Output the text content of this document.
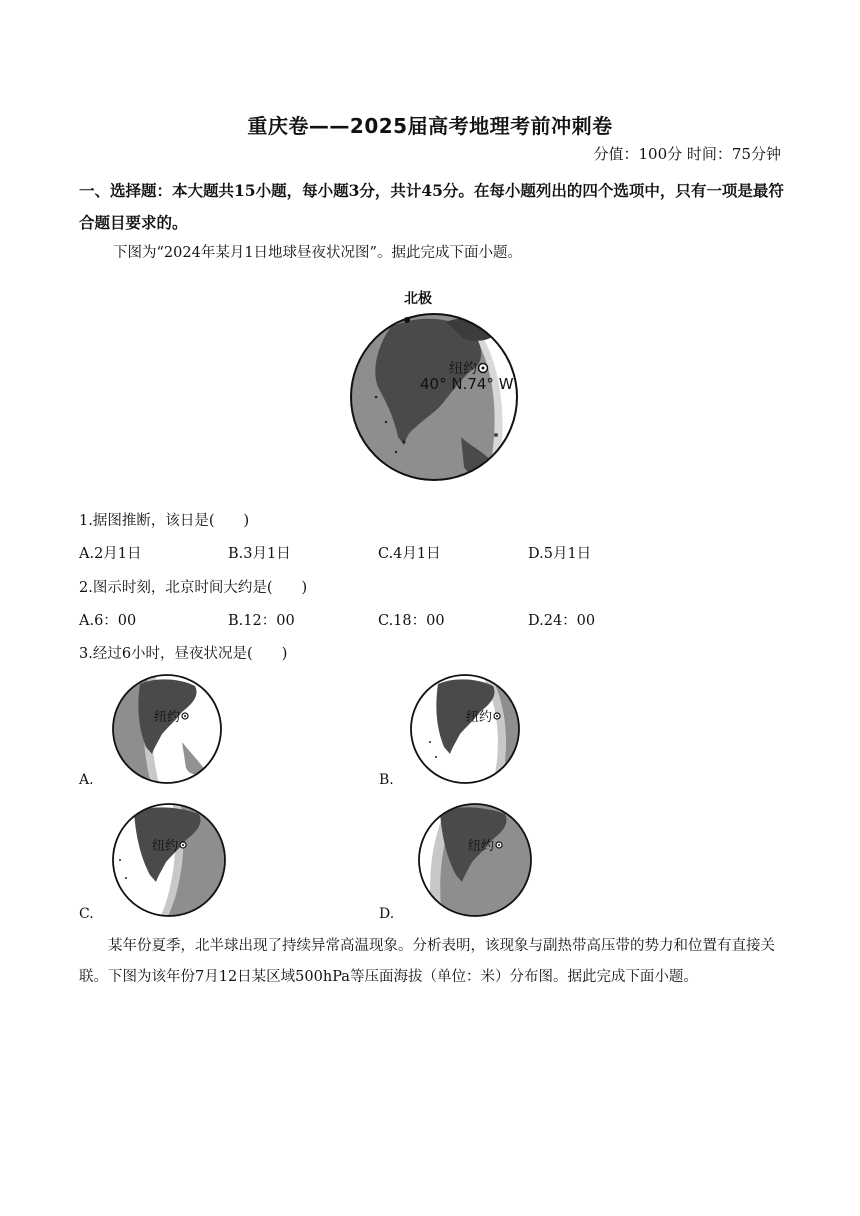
重庆卷——2025届高考地理考前冲刺卷
分值：100分 时间：75分钟
一、选择题：本大题共15小题，每小题3分，共计45分。在每小题列出的四个选项中，只有一项是最符合题目要求的。
下图为“2024年某月1日地球昼夜状况图”。据此完成下面小题。
北极
纽约
40° N.74° W
1.据图推断，该日是(　　)
A.2月1日	B.3月1日	C.4月1日	D.5月1日
2.图示时刻，北京时间大约是(　　)
A.6：00	B.12：00	C.18：00	D.24：00
3.经过6小时，昼夜状况是(　　)
A.
纽约
B.
纽约
C.
纽约
D.
纽约
某年份夏季，北半球出现了持续异常高温现象。分析表明，该现象与副热带高压带的势力和位置有直接关联。下图为该年份7月12日某区域500hPa等压面海拔（单位：米）分布图。据此完成下面小题。
